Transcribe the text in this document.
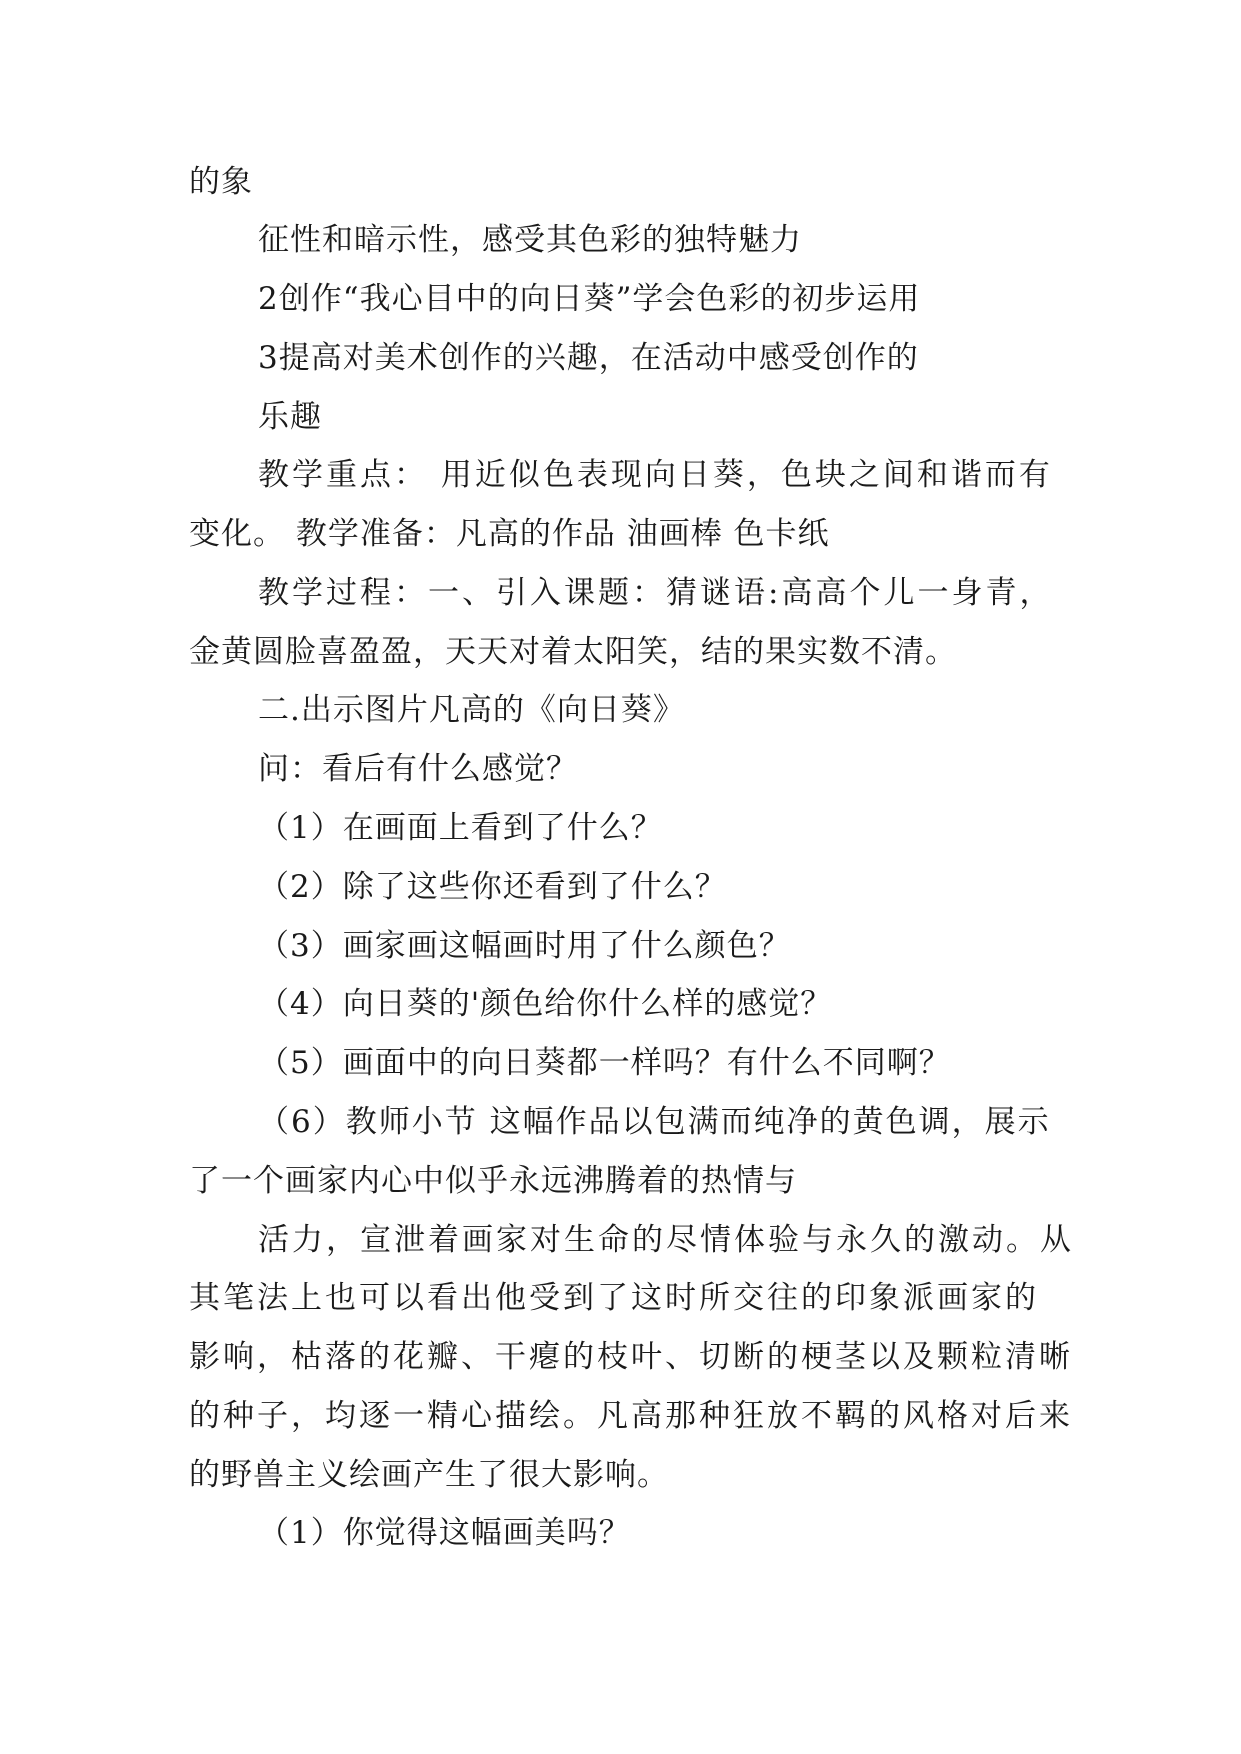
的象
征性和暗示性，感受其色彩的独特魅力
2创作“我心目中的向日葵”学会色彩的初步运用
3提高对美术创作的兴趣，在活动中感受创作的
乐趣
教学重点： 用近似色表现向日葵，色块之间和谐而有
变化。 教学准备：凡高的作品 油画棒 色卡纸
教学过程：一、引入课题：猜谜语:高高个儿一身青，
金黄圆脸喜盈盈，天天对着太阳笑，结的果实数不清。
二.出示图片凡高的《向日葵》
问：看后有什么感觉？
（1）在画面上看到了什么？
（2）除了这些你还看到了什么？
（3）画家画这幅画时用了什么颜色？
（4）向日葵的'颜色给你什么样的感觉？
（5）画面中的向日葵都一样吗？有什么不同啊？
（6）教师小节 这幅作品以包满而纯净的黄色调，展示
了一个画家内心中似乎永远沸腾着的热情与
活力，宣泄着画家对生命的尽情体验与永久的激动。从
其笔法上也可以看出他受到了这时所交往的印象派画家的
影响，枯落的花瓣、干瘪的枝叶、切断的梗茎以及颗粒清晰
的种子，均逐一精心描绘。凡高那种狂放不羁的风格对后来
的野兽主义绘画产生了很大影响。
（1）你觉得这幅画美吗？
